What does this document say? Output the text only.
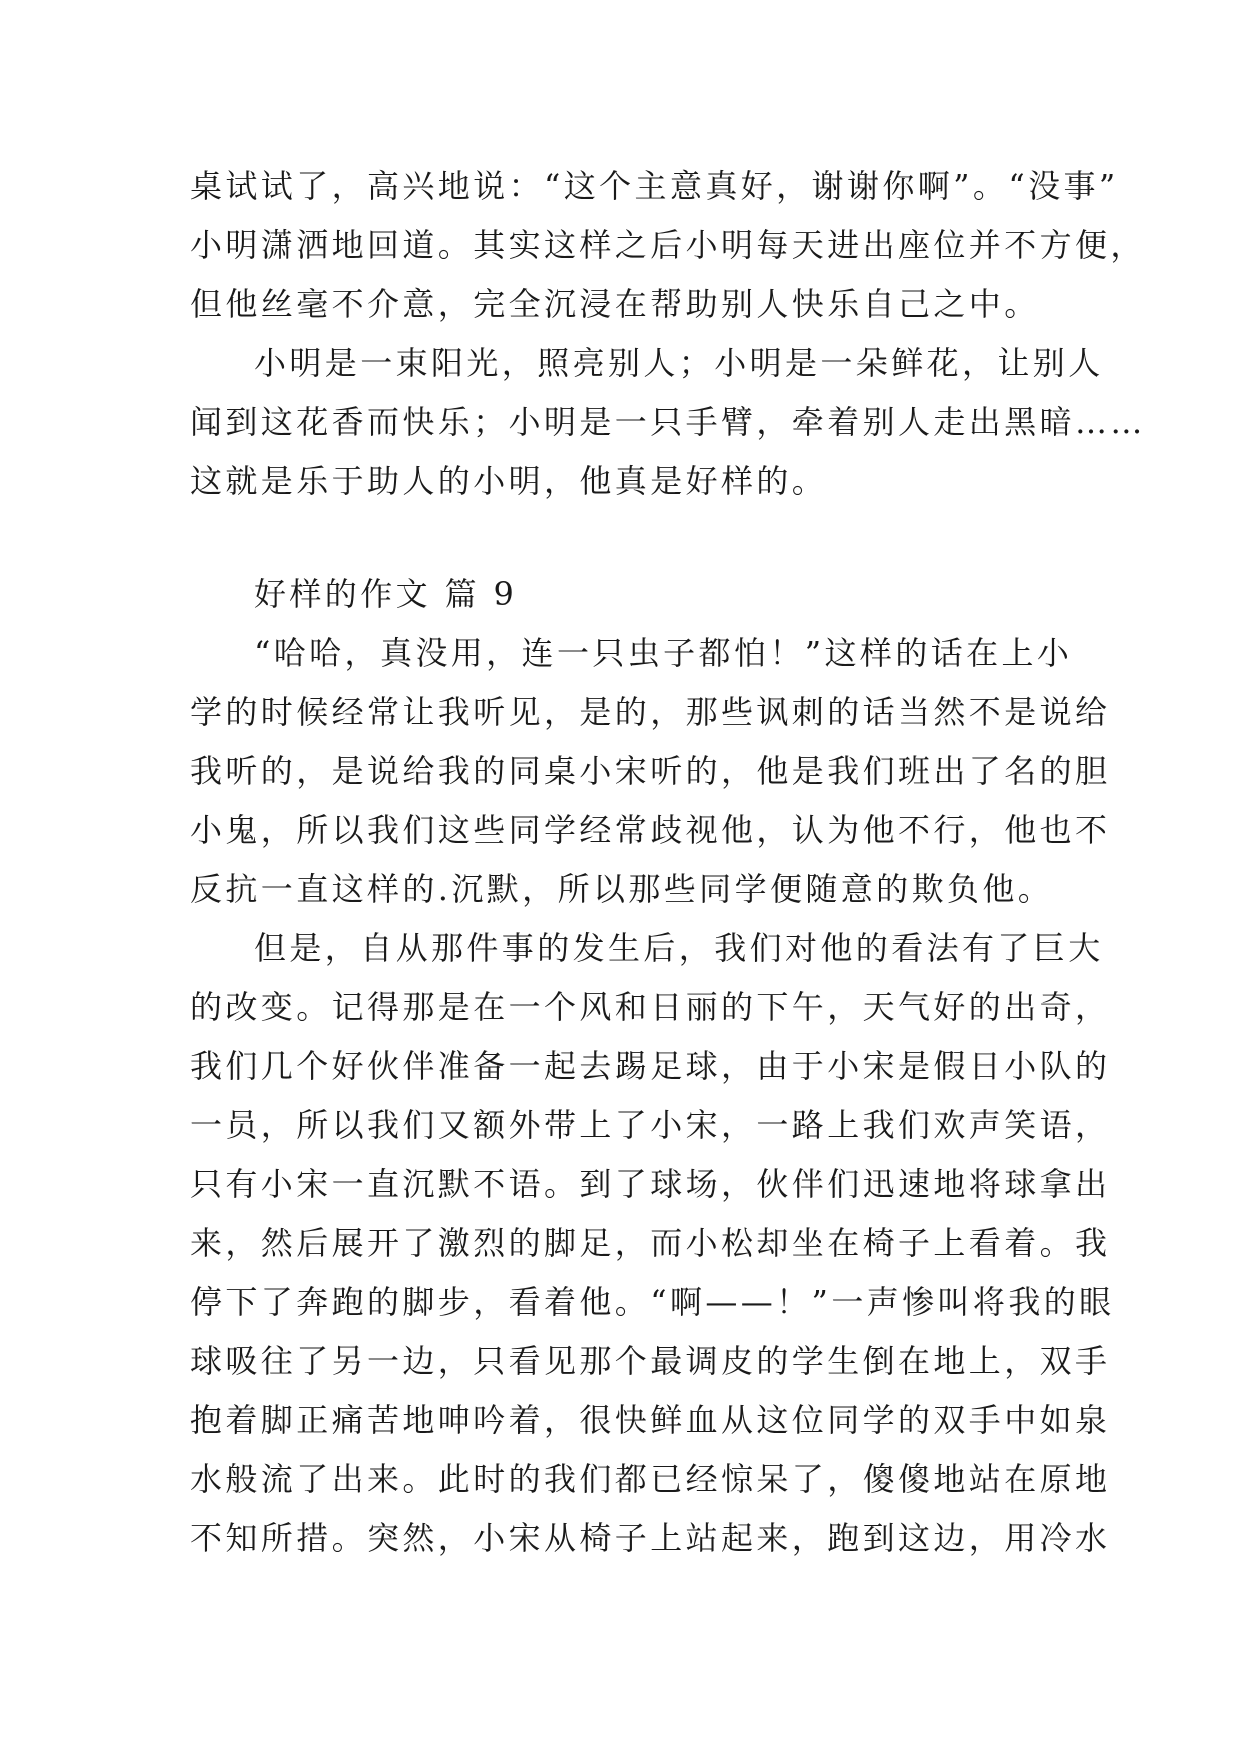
桌试试了，高兴地说：“这个主意真好，谢谢你啊”。“没事”
小明潇洒地回道。其实这样之后小明每天进出座位并不方便，
但他丝毫不介意，完全沉浸在帮助别人快乐自己之中。
小明是一束阳光，照亮别人；小明是一朵鲜花，让别人
闻到这花香而快乐；小明是一只手臂，牵着别人走出黑暗……
这就是乐于助人的小明，他真是好样的。
好样的作文 篇 9
“哈哈，真没用，连一只虫子都怕！”这样的话在上小
学的时候经常让我听见，是的，那些讽刺的话当然不是说给
我听的，是说给我的同桌小宋听的，他是我们班出了名的胆
小鬼，所以我们这些同学经常歧视他，认为他不行，他也不
反抗一直这样的.沉默，所以那些同学便随意的欺负他。
但是，自从那件事的发生后，我们对他的看法有了巨大
的改变。记得那是在一个风和日丽的下午，天气好的出奇，
我们几个好伙伴准备一起去踢足球，由于小宋是假日小队的
一员，所以我们又额外带上了小宋，一路上我们欢声笑语，
只有小宋一直沉默不语。到了球场，伙伴们迅速地将球拿出
来，然后展开了激烈的脚足，而小松却坐在椅子上看着。我
停下了奔跑的脚步，看着他。“啊——！”一声惨叫将我的眼
球吸往了另一边，只看见那个最调皮的学生倒在地上，双手
抱着脚正痛苦地呻吟着，很快鲜血从这位同学的双手中如泉
水般流了出来。此时的我们都已经惊呆了，傻傻地站在原地
不知所措。突然，小宋从椅子上站起来，跑到这边，用冷水
